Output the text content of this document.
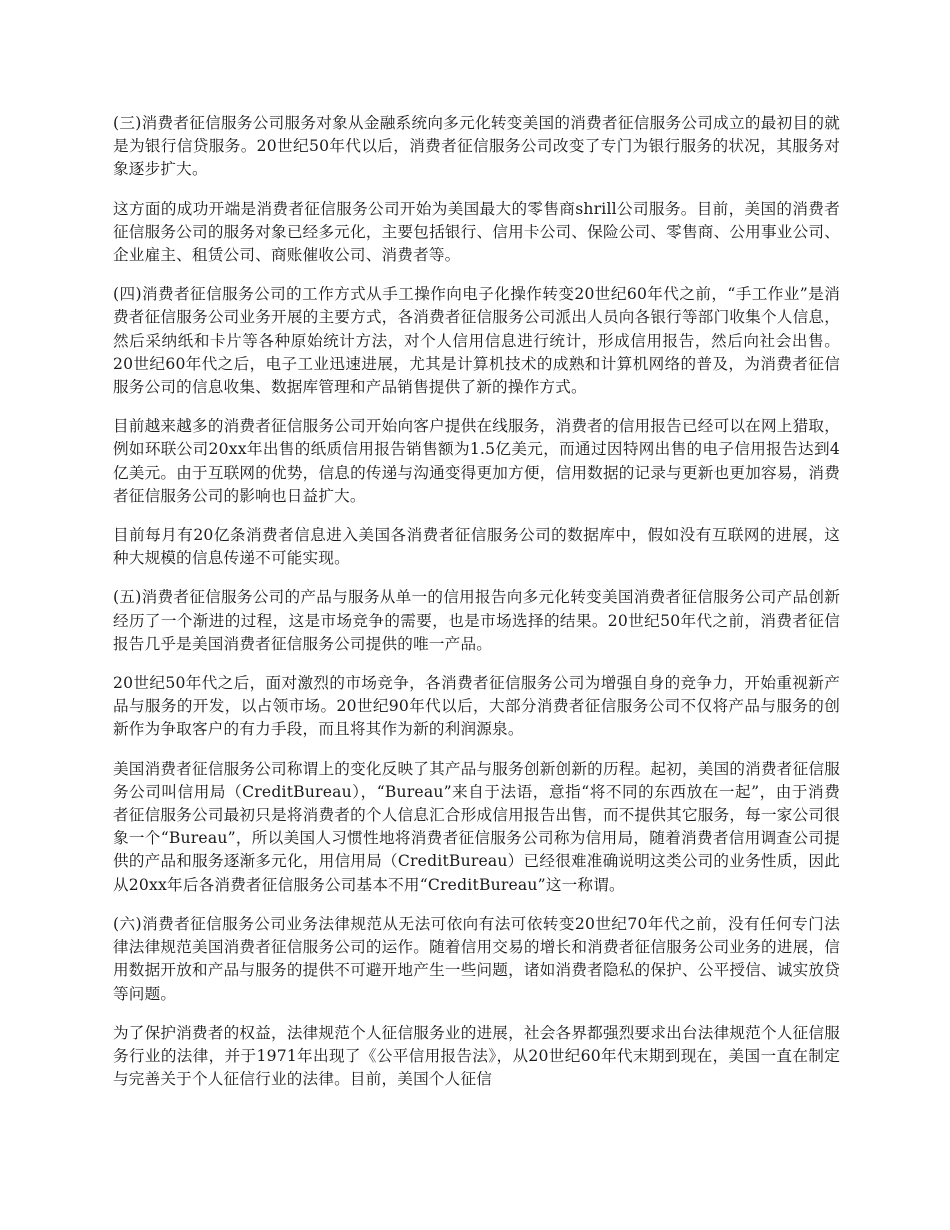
(三)消费者征信服务公司服务对象从金融系统向多元化转变美国的消费者征信服务公司成立的最初目的就是为银行信贷服务。20世纪50年代以后，消费者征信服务公司改变了专门为银行服务的状况，其服务对象逐步扩大。

这方面的成功开端是消费者征信服务公司开始为美国最大的零售商shrill公司服务。目前，美国的消费者征信服务公司的服务对象已经多元化，主要包括银行、信用卡公司、保险公司、零售商、公用事业公司、企业雇主、租赁公司、商账催收公司、消费者等。

(四)消费者征信服务公司的工作方式从手工操作向电子化操作转变20世纪60年代之前，“手工作业”是消费者征信服务公司业务开展的主要方式，各消费者征信服务公司派出人员向各银行等部门收集个人信息，然后采纳纸和卡片等各种原始统计方法，对个人信用信息进行统计，形成信用报告，然后向社会出售。20世纪60年代之后，电子工业迅速进展，尤其是计算机技术的成熟和计算机网络的普及，为消费者征信服务公司的信息收集、数据库管理和产品销售提供了新的操作方式。

目前越来越多的消费者征信服务公司开始向客户提供在线服务，消费者的信用报告已经可以在网上猎取，例如环联公司20xx年出售的纸质信用报告销售额为1.5亿美元，而通过因特网出售的电子信用报告达到4亿美元。由于互联网的优势，信息的传递与沟通变得更加方便，信用数据的记录与更新也更加容易，消费者征信服务公司的影响也日益扩大。

目前每月有20亿条消费者信息进入美国各消费者征信服务公司的数据库中，假如没有互联网的进展，这种大规模的信息传递不可能实现。

(五)消费者征信服务公司的产品与服务从单一的信用报告向多元化转变美国消费者征信服务公司产品创新经历了一个渐进的过程，这是市场竞争的需要，也是市场选择的结果。20世纪50年代之前，消费者征信报告几乎是美国消费者征信服务公司提供的唯一产品。

20世纪50年代之后，面对激烈的市场竞争，各消费者征信服务公司为增强自身的竞争力，开始重视新产品与服务的开发，以占领市场。20世纪90年代以后，大部分消费者征信服务公司不仅将产品与服务的创新作为争取客户的有力手段，而且将其作为新的利润源泉。

美国消费者征信服务公司称谓上的变化反映了其产品与服务创新创新的历程。起初，美国的消费者征信服务公司叫信用局（CreditBureau），“Bureau”来自于法语，意指“将不同的东西放在一起”，由于消费者征信服务公司最初只是将消费者的个人信息汇合形成信用报告出售，而不提供其它服务，每一家公司很象一个“Bureau”，所以美国人习惯性地将消费者征信服务公司称为信用局，随着消费者信用调查公司提供的产品和服务逐渐多元化，用信用局（CreditBureau）已经很难准确说明这类公司的业务性质，因此从20xx年后各消费者征信服务公司基本不用“CreditBureau”这一称谓。

(六)消费者征信服务公司业务法律规范从无法可依向有法可依转变20世纪70年代之前，没有任何专门法律法律规范美国消费者征信服务公司的运作。随着信用交易的增长和消费者征信服务公司业务的进展，信用数据开放和产品与服务的提供不可避开地产生一些问题，诸如消费者隐私的保护、公平授信、诚实放贷等问题。

为了保护消费者的权益，法律规范个人征信服务业的进展，社会各界都强烈要求出台法律规范个人征信服务行业的法律，并于1971年出现了《公平信用报告法》，从20世纪60年代末期到现在，美国一直在制定与完善关于个人征信行业的法律。目前，美国个人征信
